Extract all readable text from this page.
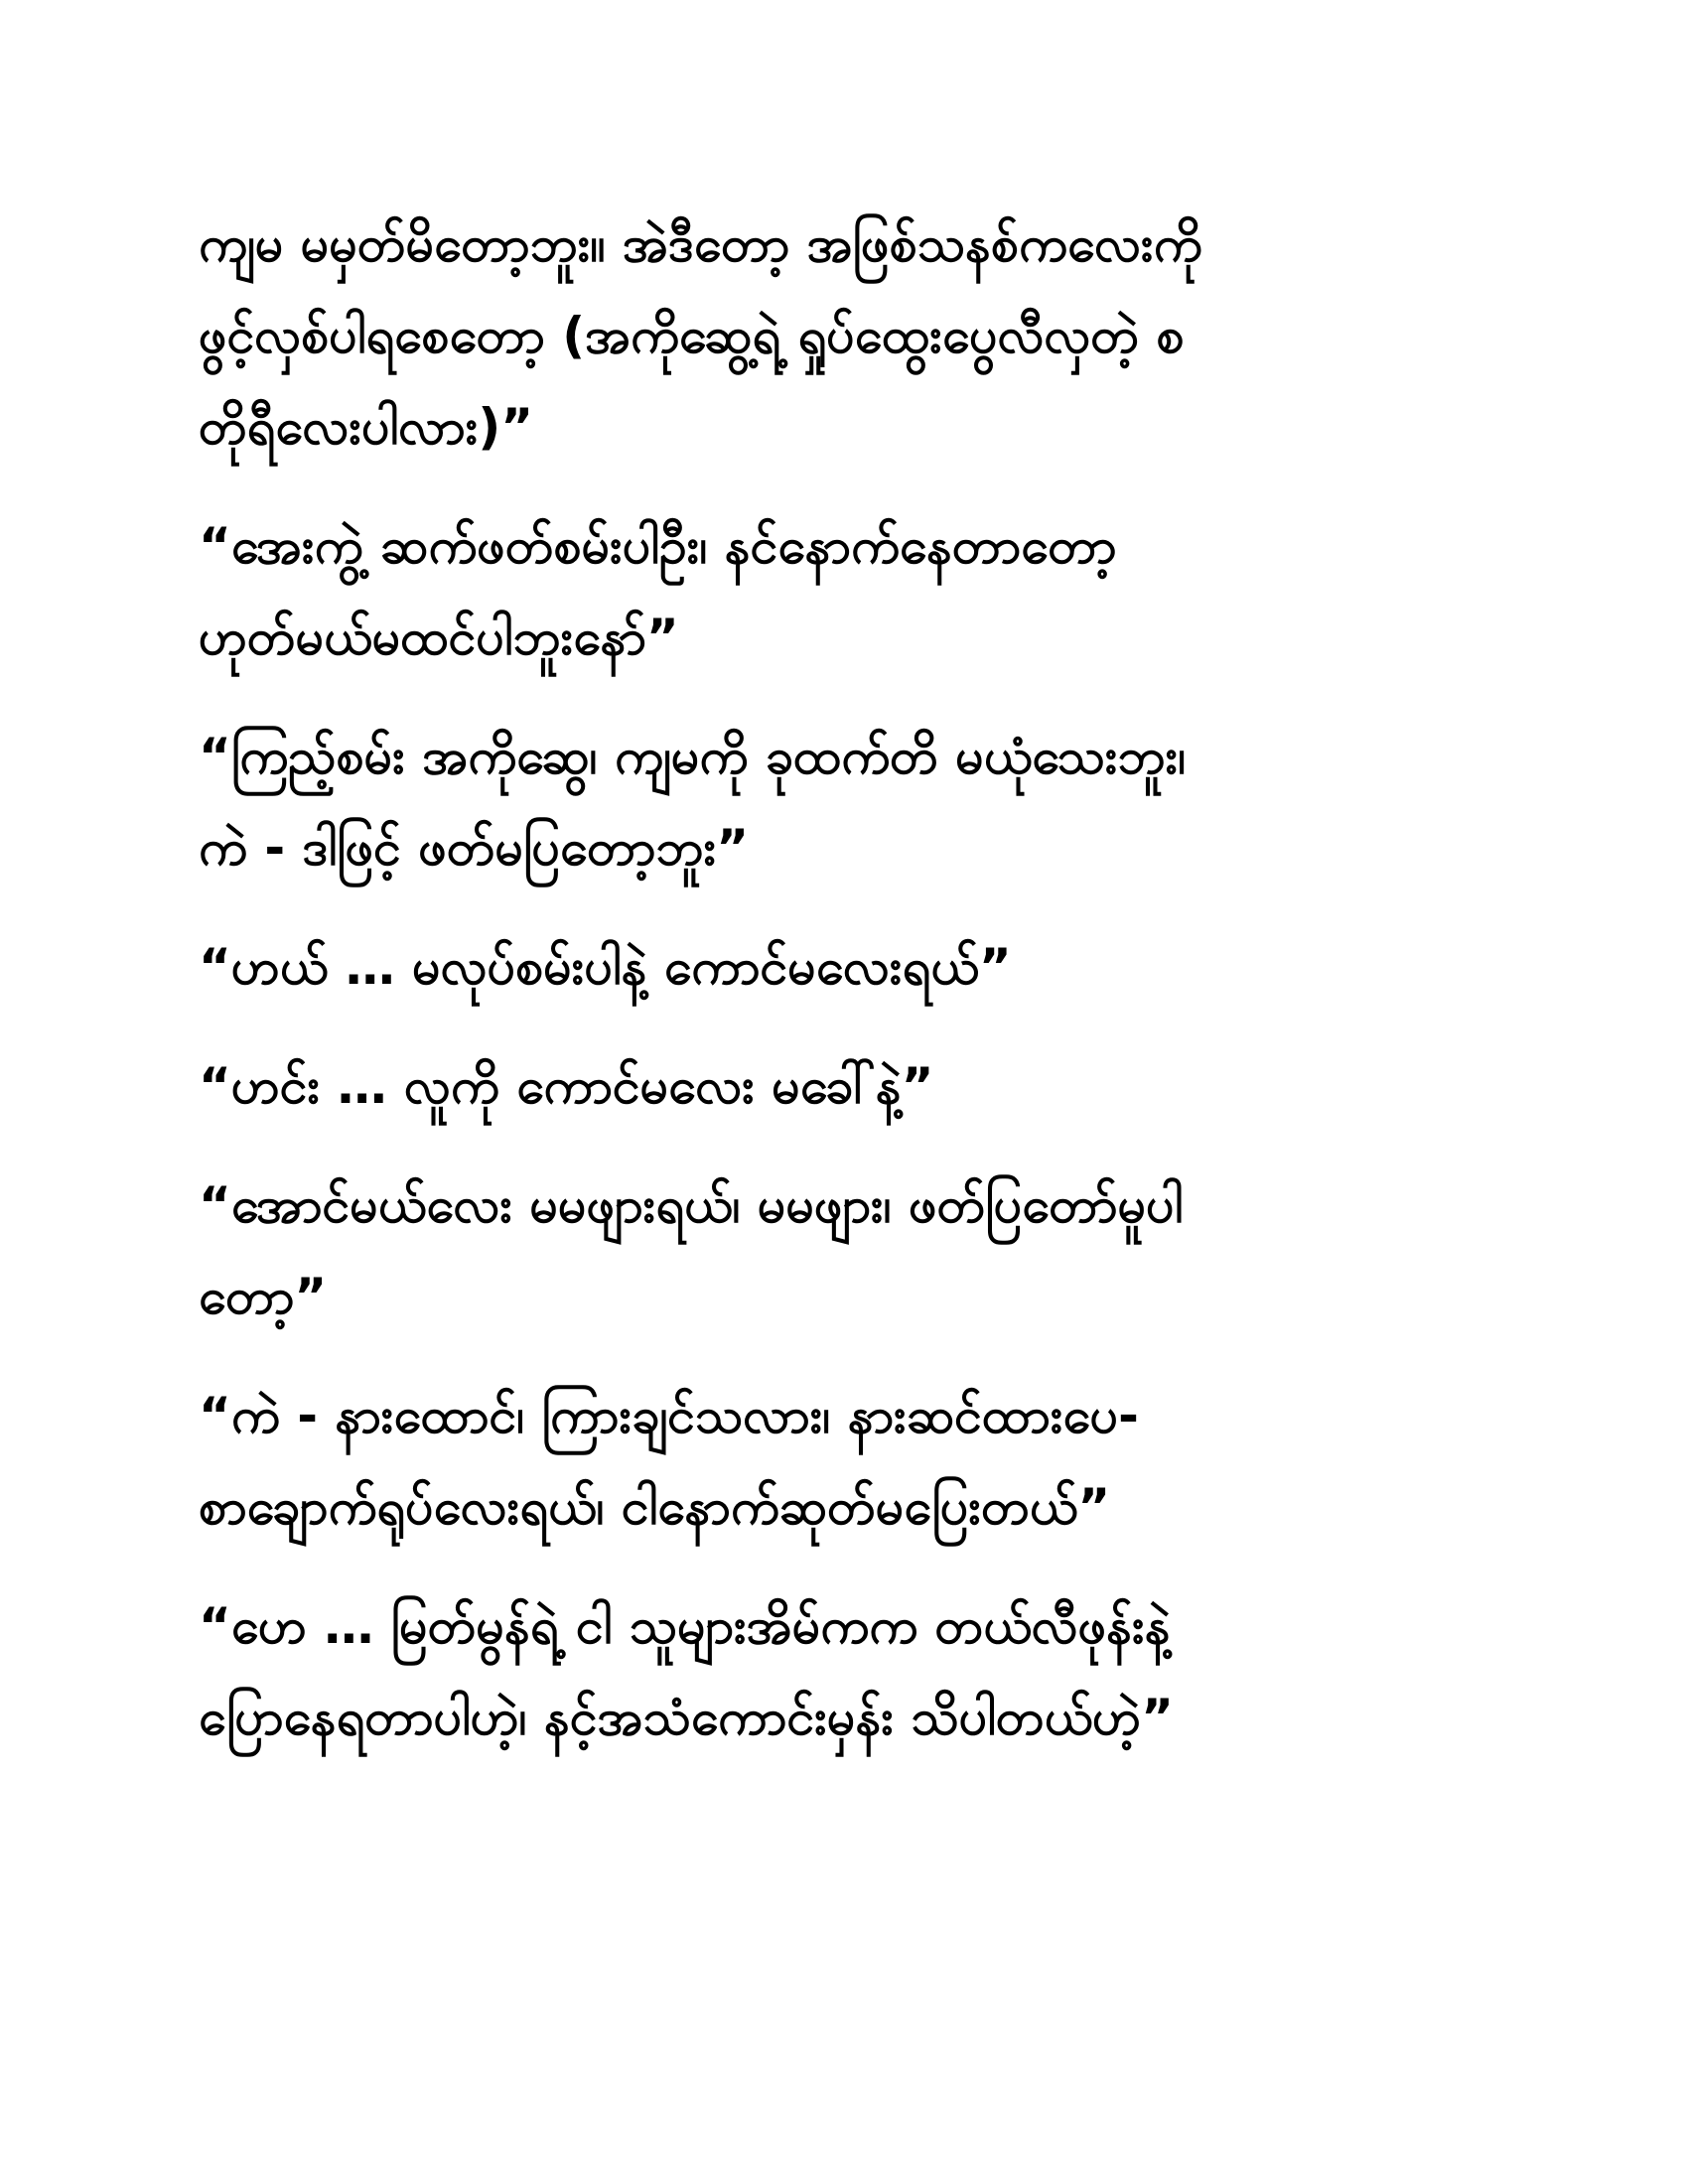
ကျမ မမှတ်မိတော့ဘူး။ အဲဒီတော့ အဖြစ်သနစ်ကလေးကို
ဖွင့်လှစ်ပါရစေတော့ (အကိုဆွေ့ရဲ့ ရှုပ်ထွေးပွေလီလှတဲ့ စ
တိုရီလေးပါလား)”

“အေးကွဲ့ ဆက်ဖတ်စမ်းပါဦး၊ နင်နောက်နေတာတော့
ဟုတ်မယ်မထင်ပါဘူးနော်”

“ကြည့်စမ်း အကိုဆွေ၊ ကျမကို ခုထက်တိ မယုံသေးဘူး၊
ကဲ - ဒါဖြင့် ဖတ်မပြတော့ဘူး”

“ဟယ် … မလုပ်စမ်းပါနဲ့ ကောင်မလေးရယ်”

“ဟင်း … လူကို ကောင်မလေး မခေါ်နဲ့”

“အောင်မယ်လေး မမဖျားရယ်၊ မမဖျား၊ ဖတ်ပြတော်မူပါ
တော့”

“ကဲ - နားထောင်၊ ကြားချင်သလား၊ နားဆင်ထားပေ-
စာချောက်ရုပ်လေးရယ်၊ ငါနောက်ဆုတ်မပြေးတယ်”

“ဟေ … မြတ်မွန်ရဲ့ ငါ သူများအိမ်ကက တယ်လီဖုန်းနဲ့
ပြောနေရတာပါဟဲ့၊ နင့်အသံကောင်းမှန်း သိပါတယ်ဟဲ့”
